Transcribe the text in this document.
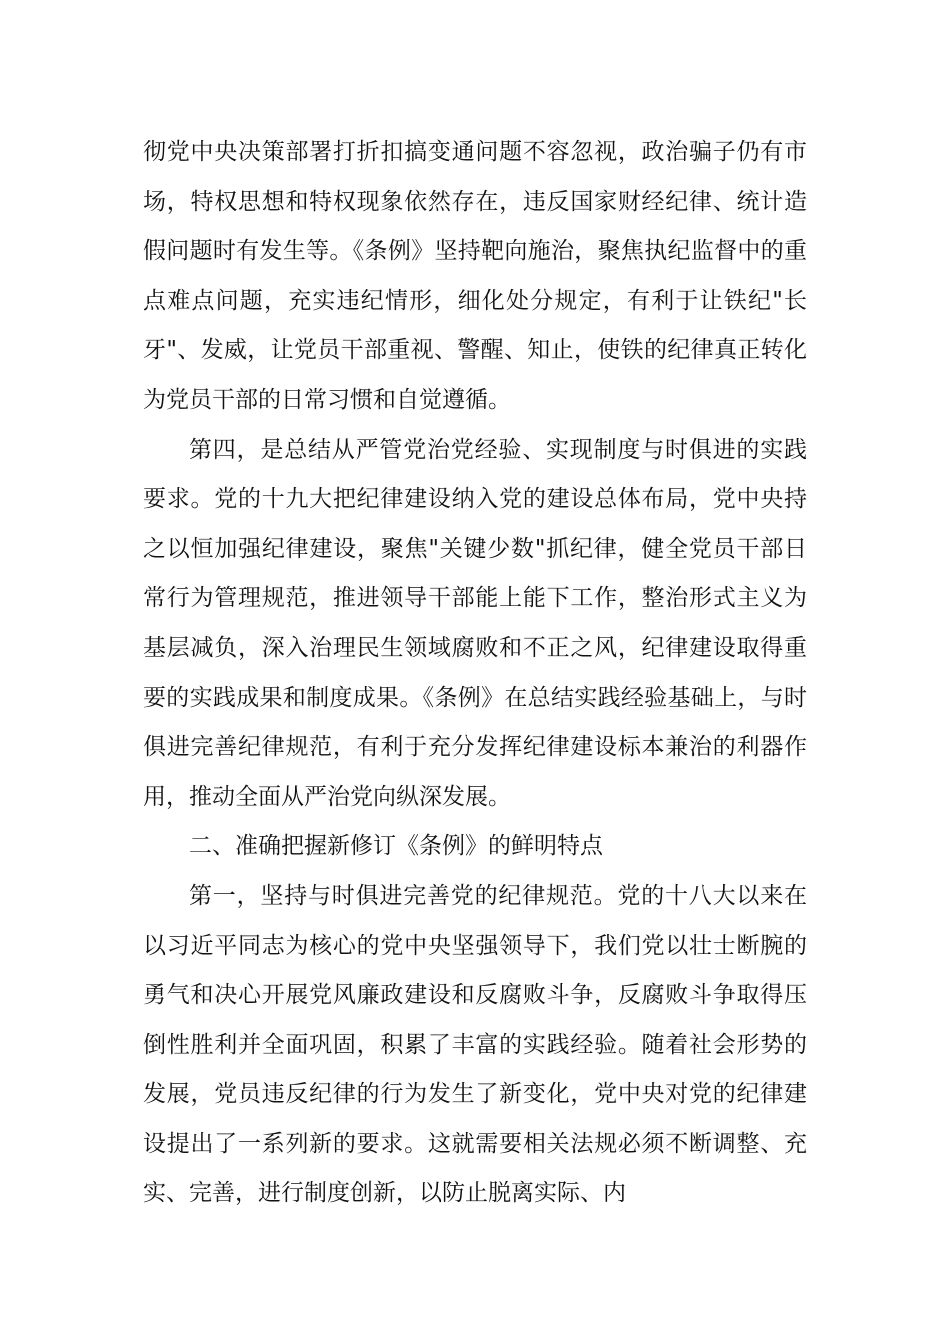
彻党中央决策部署打折扣搞变通问题不容忽视，政治骗子仍有市场，特权思想和特权现象依然存在，违反国家财经纪律、统计造假问题时有发生等。《条例》坚持靶向施治，聚焦执纪监督中的重点难点问题，充实违纪情形，细化处分规定，有利于让铁纪"长牙"、发威，让党员干部重视、警醒、知止，使铁的纪律真正转化为党员干部的日常习惯和自觉遵循。

第四，是总结从严管党治党经验、实现制度与时俱进的实践要求。党的十九大把纪律建设纳入党的建设总体布局，党中央持之以恒加强纪律建设，聚焦"关键少数"抓纪律，健全党员干部日常行为管理规范，推进领导干部能上能下工作，整治形式主义为基层减负，深入治理民生领域腐败和不正之风，纪律建设取得重要的实践成果和制度成果。《条例》在总结实践经验基础上，与时俱进完善纪律规范，有利于充分发挥纪律建设标本兼治的利器作用，推动全面从严治党向纵深发展。

二、准确把握新修订《条例》的鲜明特点

第一，坚持与时俱进完善党的纪律规范。党的十八大以来在以习近平同志为核心的党中央坚强领导下，我们党以壮士断腕的勇气和决心开展党风廉政建设和反腐败斗争，反腐败斗争取得压倒性胜利并全面巩固，积累了丰富的实践经验。随着社会形势的发展，党员违反纪律的行为发生了新变化，党中央对党的纪律建设提出了一系列新的要求。这就需要相关法规必须不断调整、充实、完善，进行制度创新，以防止脱离实际、内
